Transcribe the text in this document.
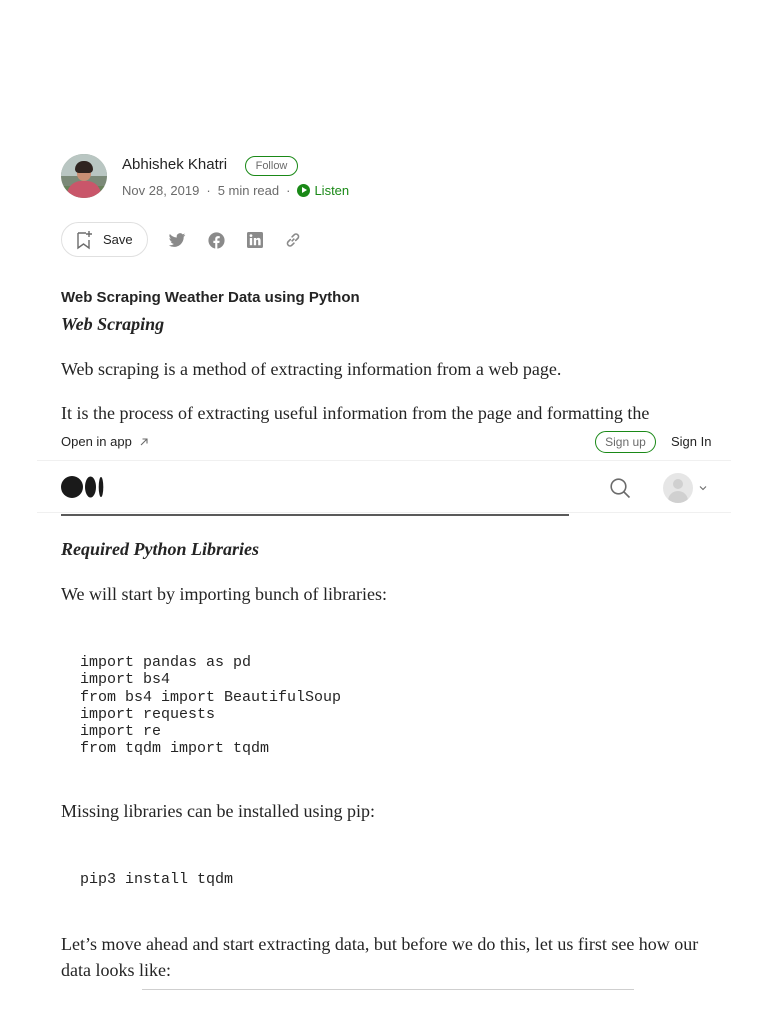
Abhishek Khatri	Follow
Nov 28, 2019 · 5 min read · Listen
Save
Web Scraping Weather Data using Python
Web Scraping
Web scraping is a method of extracting information from a web page.
It is the process of extracting useful information from the page and formatting the
Required Python Libraries
We will start by importing bunch of libraries:
import pandas as pd
import bs4
from bs4 import BeautifulSoup
import requests
import re
from tqdm import tqdm
Missing libraries can be installed using pip:
pip3 install tqdm
Let’s move ahead and start extracting data, but before we do this, let us first see how our data looks like:
Open in app	Sign up	Sign In
